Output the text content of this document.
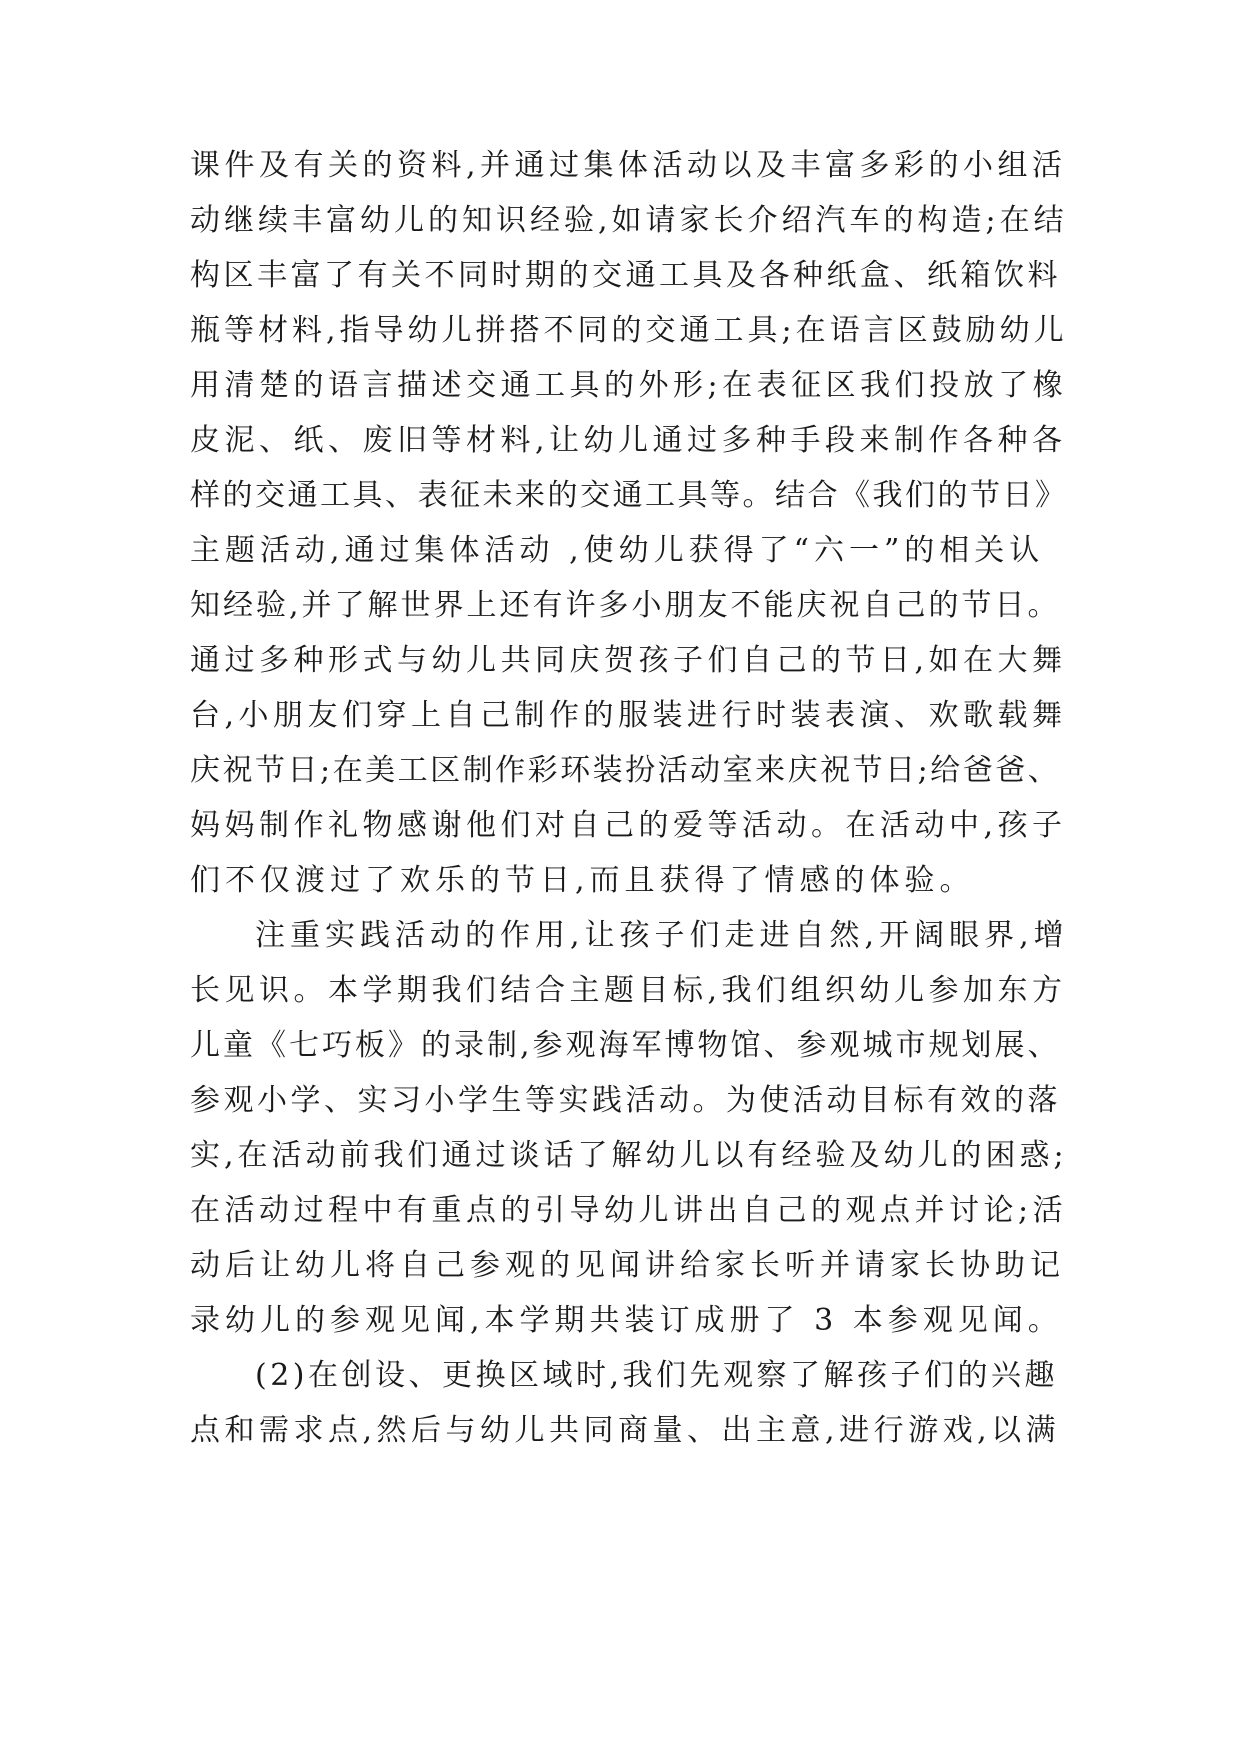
课件及有关的资料,并通过集体活动以及丰富多彩的小组活
动继续丰富幼儿的知识经验,如请家长介绍汽车的构造;在结
构区丰富了有关不同时期的交通工具及各种纸盒、纸箱饮料
瓶等材料,指导幼儿拼搭不同的交通工具;在语言区鼓励幼儿
用清楚的语言描述交通工具的外形;在表征区我们投放了橡
皮泥、纸、废旧等材料,让幼儿通过多种手段来制作各种各
样的交通工具、表征未来的交通工具等。结合《我们的节日》
主题活动,通过集体活动 ,使幼儿获得了“六一”的相关认
知经验,并了解世界上还有许多小朋友不能庆祝自己的节日。
通过多种形式与幼儿共同庆贺孩子们自己的节日,如在大舞
台,小朋友们穿上自己制作的服装进行时装表演、欢歌载舞
庆祝节日;在美工区制作彩环装扮活动室来庆祝节日;给爸爸、
妈妈制作礼物感谢他们对自己的爱等活动。在活动中,孩子
们不仅渡过了欢乐的节日,而且获得了情感的体验。
注重实践活动的作用,让孩子们走进自然,开阔眼界,增
长见识。本学期我们结合主题目标,我们组织幼儿参加东方
儿童《七巧板》的录制,参观海军博物馆、参观城市规划展、
参观小学、实习小学生等实践活动。为使活动目标有效的落
实,在活动前我们通过谈话了解幼儿以有经验及幼儿的困惑;
在活动过程中有重点的引导幼儿讲出自己的观点并讨论;活
动后让幼儿将自己参观的见闻讲给家长听并请家长协助记
录幼儿的参观见闻,本学期共装订成册了 3 本参观见闻。
(2)在创设、更换区域时,我们先观察了解孩子们的兴趣
点和需求点,然后与幼儿共同商量、出主意,进行游戏,以满
